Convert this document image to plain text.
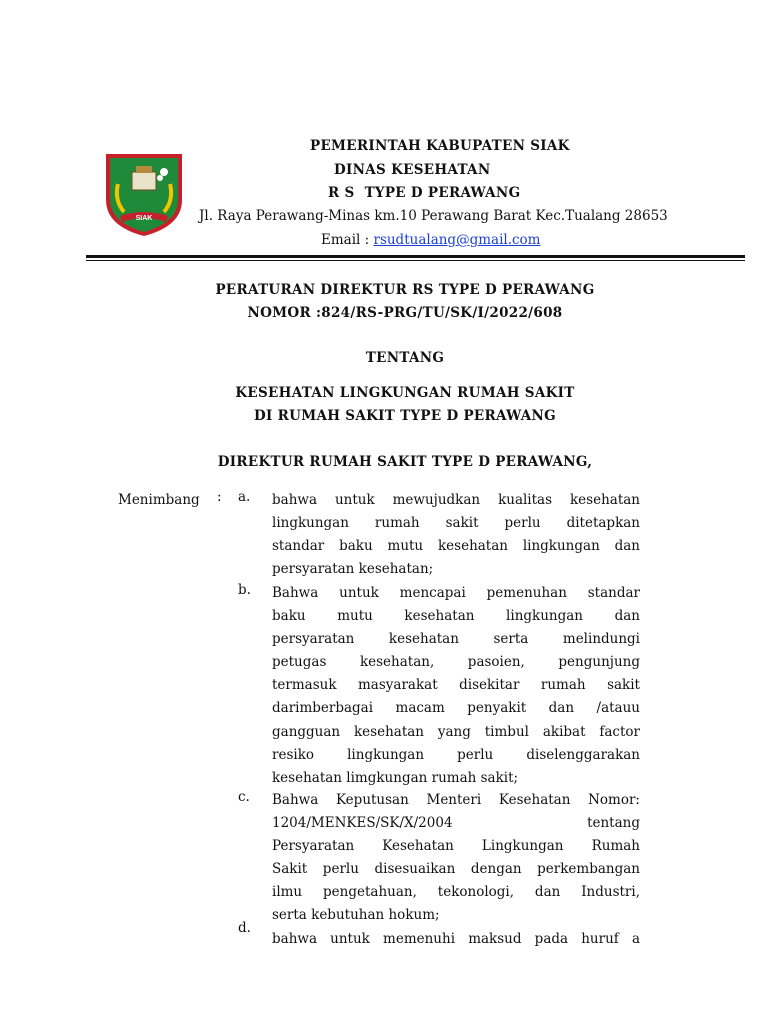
SIAK
PEMERINTAH KABUPATEN SIAK
DINAS KESEHATAN
R S  TYPE D PERAWANG
Jl. Raya Perawang-Minas km.10 Perawang Barat Kec.Tualang 28653
Email : rsudtualang@gmail.com
PERATURAN DIREKTUR RS TYPE D PERAWANG
NOMOR :824/RS-PRG/TU/SK/I/2022/608
TENTANG
KESEHATAN LINGKUNGAN RUMAH SAKIT
DI RUMAH SAKIT TYPE D PERAWANG
DIREKTUR RUMAH SAKIT TYPE D PERAWANG,
Menimbang : a. bahwa untuk mewujudkan kualitas kesehatan
lingkungan rumah sakit perlu ditetapkan
standar baku mutu kesehatan lingkungan dan
persyaratan kesehatan;
b. Bahwa untuk mencapai pemenuhan standar
baku mutu kesehatan lingkungan dan
persyaratan kesehatan serta melindungi
petugas kesehatan, pasoien, pengunjung
termasuk masyarakat disekitar rumah sakit
darimberbagai macam penyakit dan /atauu
gangguan kesehatan yang timbul akibat factor
resiko lingkungan perlu diselenggarakan
kesehatan limgkungan rumah sakit;
c. Bahwa Keputusan Menteri Kesehatan Nomor:
1204/MENKES/SK/X/2004 tentang
Persyaratan Kesehatan Lingkungan Rumah
Sakit perlu disesuaikan dengan perkembangan
ilmu pengetahuan, tekonologi, dan Industri,
serta kebutuhan hokum;
d.
bahwa untuk memenuhi maksud pada huruf a
